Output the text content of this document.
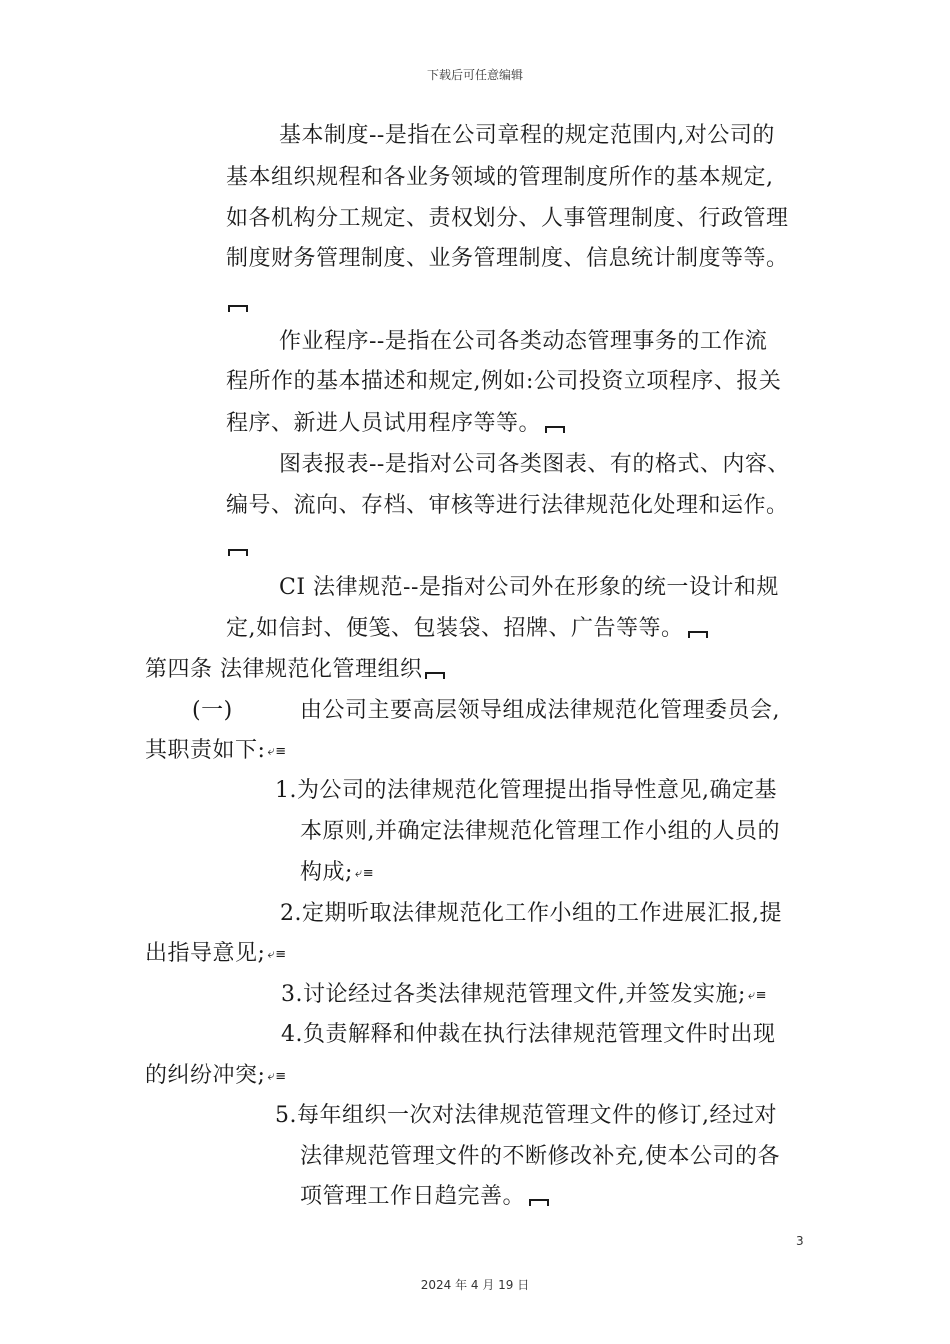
下载后可任意编辑
基本制度--是指在公司章程的规定范围内,对公司的
基本组织规程和各业务领域的管理制度所作的基本规定,
如各机构分工规定、责权划分、人事管理制度、行政管理
制度财务管理制度、业务管理制度、信息统计制度等等。
作业程序--是指在公司各类动态管理事务的工作流
程所作的基本描述和规定,例如:公司投资立项程序、报关
程序、新进人员试用程序等等。
图表报表--是指对公司各类图表、有的格式、内容、
编号、流向、存档、审核等进行法律规范化处理和运作。
CI 法律规范--是指对公司外在形象的统一设计和规
定,如信封、便笺、包装袋、招牌、广告等等。
第四条 法律规范化管理组织
(一)	由公司主要高层领导组成法律规范化管理委员会,
其职责如下: ⤶≡
1.为公司的法律规范化管理提出指导性意见,确定基
本原则,并确定法律规范化管理工作小组的人员的
构成; ⤶≡
2.定期听取法律规范化工作小组的工作进展汇报,提
出指导意见; ⤶≡
3.讨论经过各类法律规范管理文件,并签发实施; ⤶≡
4.负责解释和仲裁在执行法律规范管理文件时出现
的纠纷冲突; ⤶≡
5.每年组织一次对法律规范管理文件的修订,经过对
法律规范管理文件的不断修改补充,使本公司的各
项管理工作日趋完善。
3
2024 年 4 月 19 日
